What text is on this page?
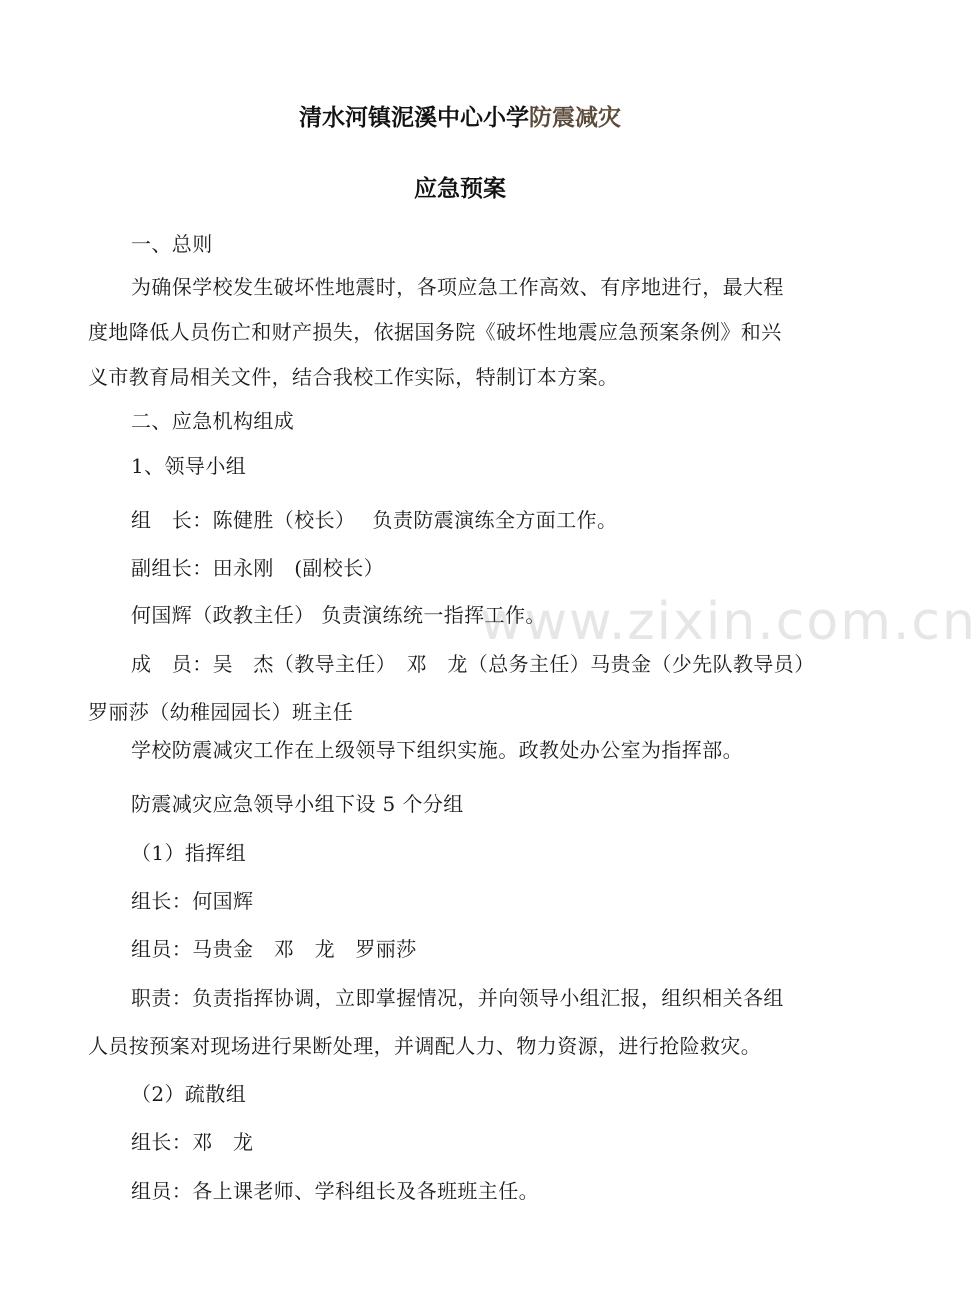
www.zixin.com.cn
清水河镇泥溪中心小学防震减灾
应急预案
一、总则
为确保学校发生破坏性地震时，各项应急工作高效、有序地进行，最大程
度地降低人员伤亡和财产损失，依据国务院《破坏性地震应急预案条例》和兴
义市教育局相关文件，结合我校工作实际，特制订本方案。
二、应急机构组成
1、领导小组
组　长：陈健胜（校长）　 负责防震演练全方面工作。
副组长：田永刚　(副校长）
何国辉（政教主任） 负责演练统一指挥工作。
成　员：吴　杰（教导主任）　邓　龙（总务主任）马贵金（少先队教导员）
罗丽莎（幼稚园园长）班主任
学校防震减灾工作在上级领导下组织实施。政教处办公室为指挥部。
防震减灾应急领导小组下设 5 个分组
（1）指挥组
组长：何国辉
组员：马贵金　邓　龙　罗丽莎
职责：负责指挥协调，立即掌握情况，并向领导小组汇报，组织相关各组
人员按预案对现场进行果断处理，并调配人力、物力资源，进行抢险救灾。
（2）疏散组
组长：邓　龙
组员：各上课老师、学科组长及各班班主任。
